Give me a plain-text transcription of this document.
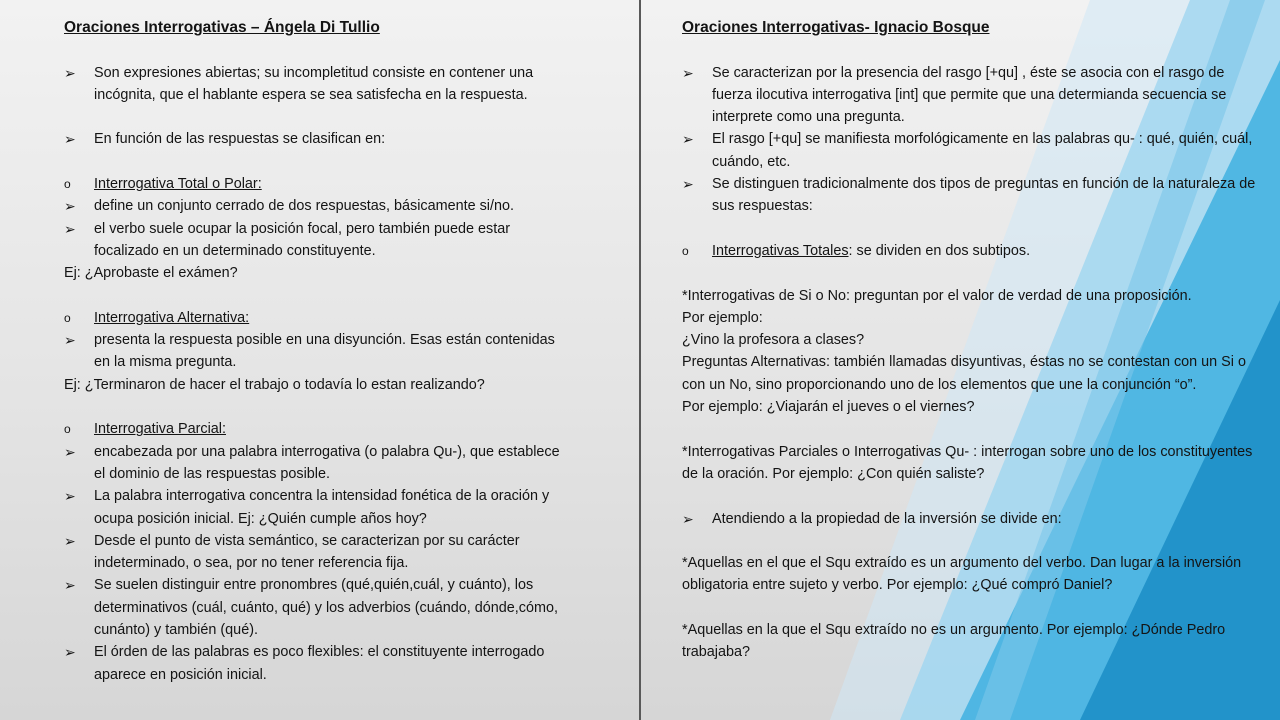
Oraciones Interrogativas – Ángela Di Tullio
➢	Son expresiones abiertas; su incompletitud consiste en contener una incógnita, que el hablante espera se sea satisfecha en la respuesta.
➢	En función de las respuestas se clasifican en:
o	Interrogativa Total o Polar:
➢	define un conjunto cerrado de dos respuestas, básicamente si/no.
➢	el verbo suele ocupar la posición focal, pero también puede estar focalizado en un determinado constituyente.
Ej: ¿Aprobaste el exámen?
o	Interrogativa Alternativa:
➢	presenta la respuesta posible en una disyunción. Esas están contenidas en la misma pregunta.
Ej: ¿Terminaron de hacer el trabajo o todavía lo estan realizando?
o	Interrogativa Parcial:
➢	encabezada por una palabra interrogativa (o palabra Qu-), que establece el dominio de las respuestas posible.
➢	La palabra interrogativa concentra la intensidad fonética de la oración y ocupa posición inicial. Ej: ¿Quién cumple años hoy?
➢	Desde el punto de vista semántico, se caracterizan por su carácter indeterminado, o sea, por no tener referencia fija.
➢	Se suelen distinguir entre pronombres (qué,quién,cuál, y cuánto), los determinativos (cuál, cuánto, qué) y los adverbios (cuándo, dónde,cómo, cunánto) y también (qué).
➢	El órden de las palabras es poco flexibles: el constituyente interrogado aparece en posición inicial.
Oraciones Interrogativas- Ignacio Bosque
➢	Se caracterizan por la presencia del rasgo [+qu] , éste se asocia con el rasgo de fuerza ilocutiva interrogativa [int] que permite que una determianda secuencia se interprete como una pregunta.
➢	El rasgo [+qu] se manifiesta morfológicamente en las palabras qu- : qué, quién, cuál, cuándo, etc.
➢	Se distinguen tradicionalmente dos tipos de preguntas en función de la naturaleza de sus respuestas:
o	Interrogativas Totales: se dividen en dos subtipos.
*Interrogativas de Si o No: preguntan por el valor de verdad de una proposición.
Por ejemplo:
¿Vino la profesora a clases?
Preguntas Alternativas: también llamadas disyuntivas, éstas no se contestan con un Si o con un No, sino proporcionando uno de los elementos que une la conjunción “o”.
Por ejemplo: ¿Viajarán el jueves o el viernes?
*Interrogativas Parciales o Interrogativas Qu- : interrogan sobre uno de los constituyentes de la oración. Por ejemplo: ¿Con quién saliste?
➢	Atendiendo a la propiedad de la inversión se divide en:
*Aquellas en el que el Squ extraído es un argumento del verbo. Dan lugar a la inversión obligatoria entre sujeto y verbo. Por ejemplo: ¿Qué compró Daniel?
*Aquellas en la que el Squ extraído no es un argumento. Por ejemplo: ¿Dónde Pedro trabajaba?
